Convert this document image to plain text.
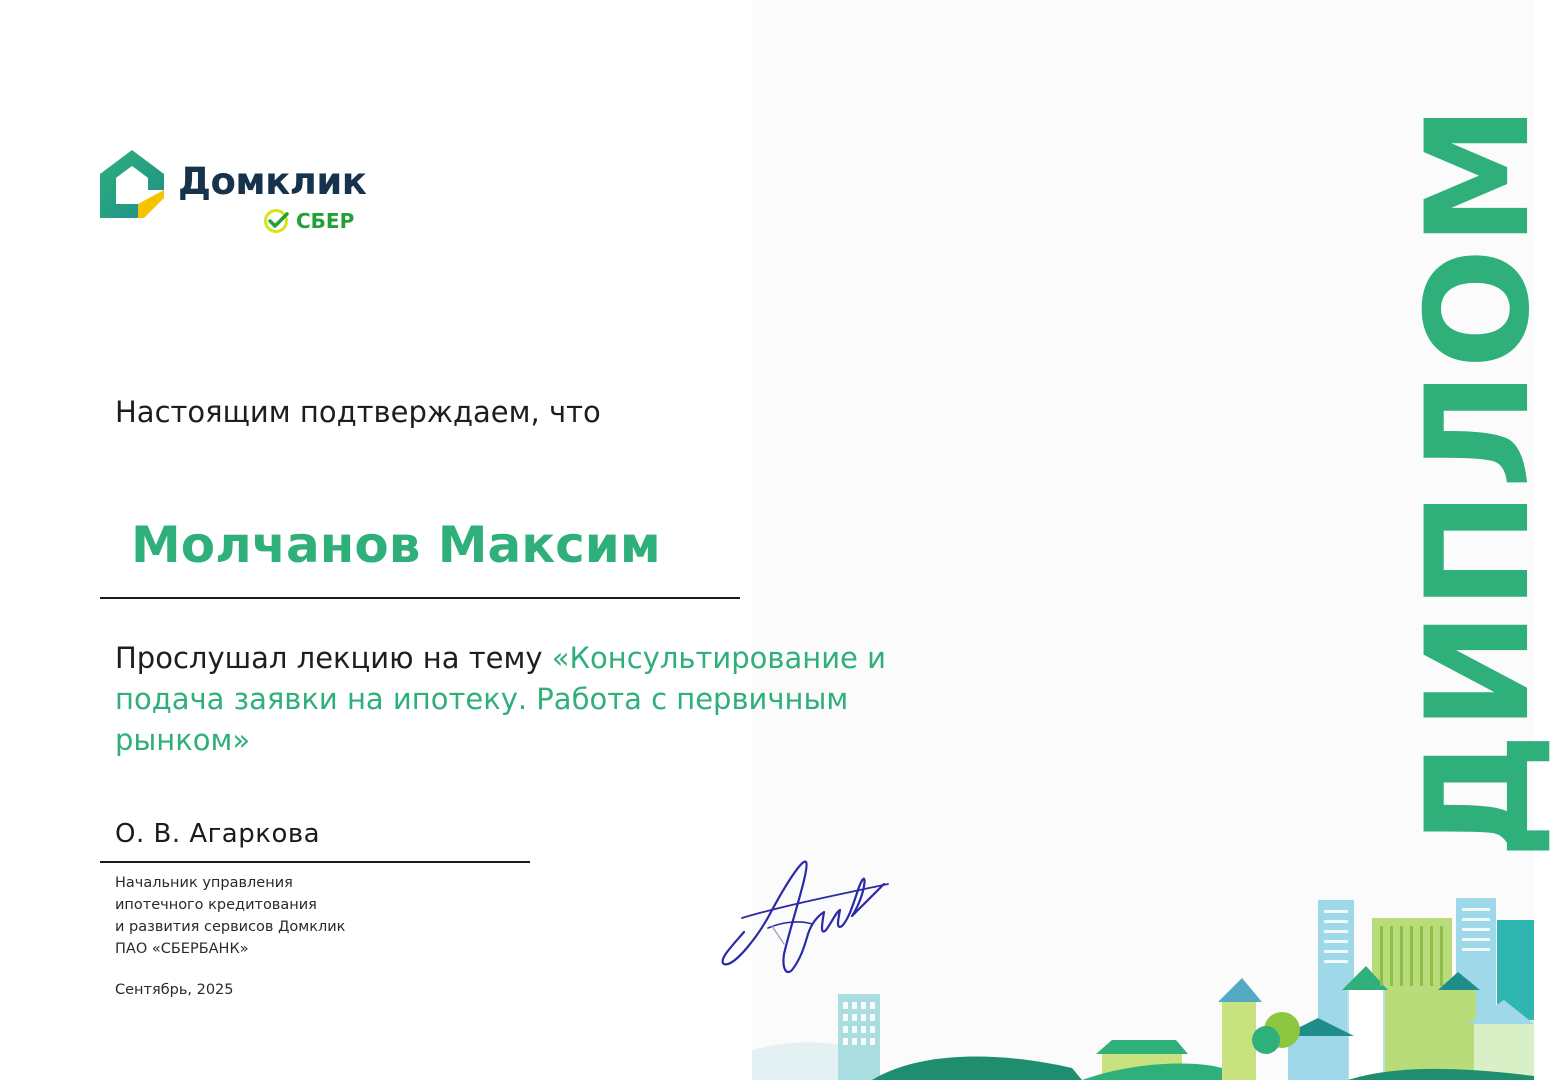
Домклик
СБЕР
Настоящим подтверждаем, что
Молчанов Максим
Прослушал лекцию на тему «Консультирование и подача заявки на ипотеку. Работа с первичным рынком»
О. В. Агаркова
Начальник управления
ипотечного кредитования
и развития сервисов Домклик
ПАО «СБЕРБАНК»
Сентябрь, 2025
ДИПЛОМ
